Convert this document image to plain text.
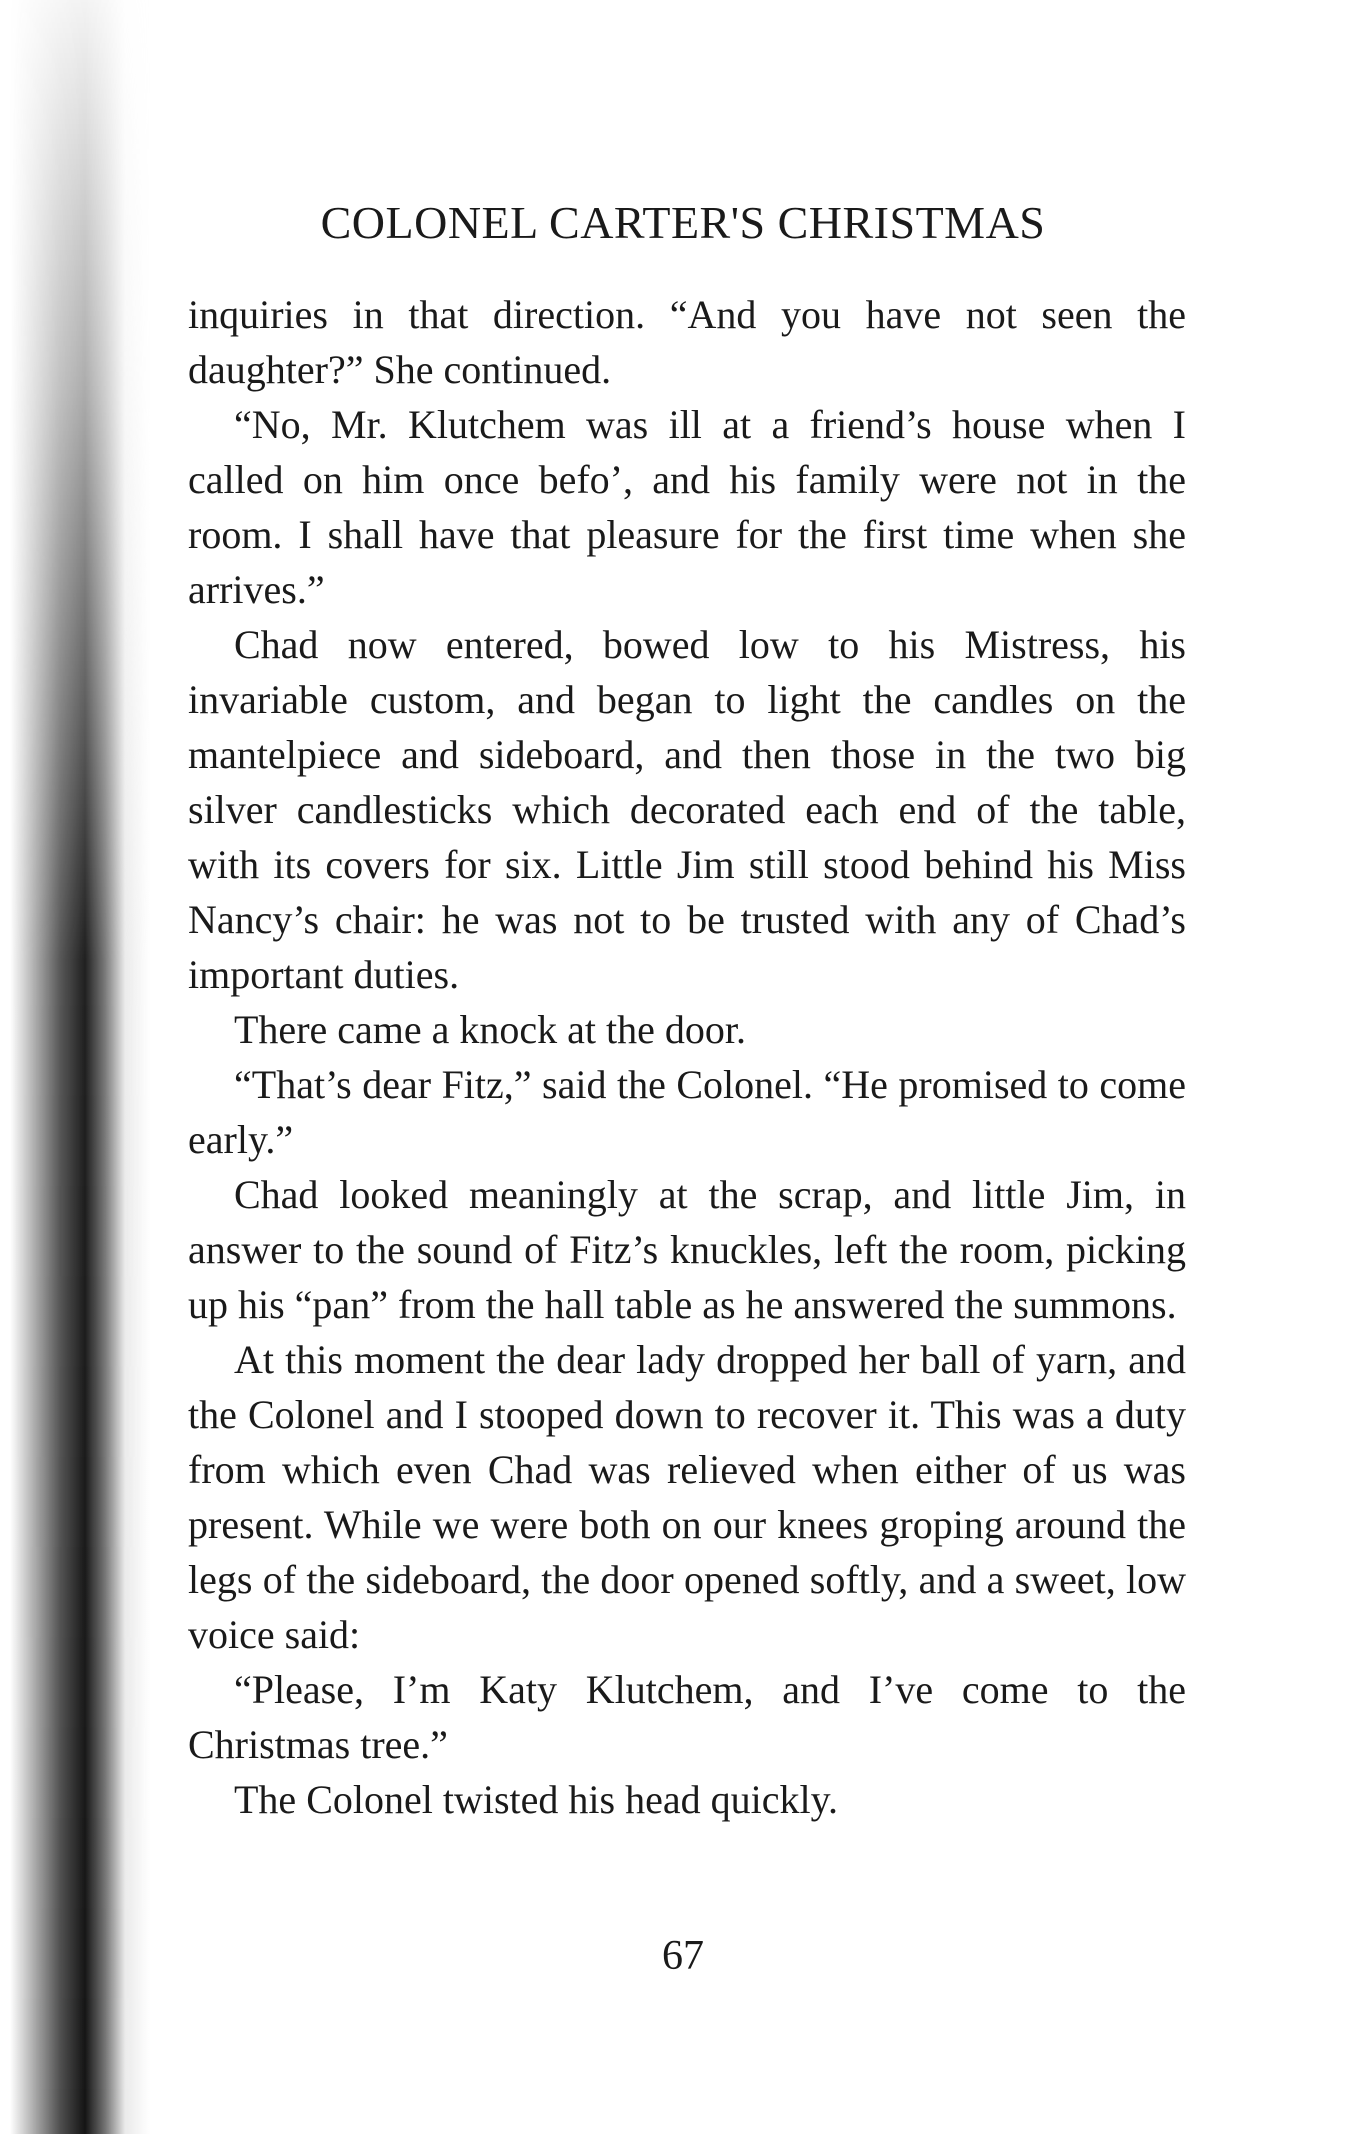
COLONEL CARTER'S CHRISTMAS

inquiries in that direction. “And you have not seen the daughter?” She continued.

“No, Mr. Klutchem was ill at a friend’s house when I called on him once befo’, and his family were not in the room. I shall have that pleasure for the first time when she arrives.”

Chad now entered, bowed low to his Mistress, his invariable custom, and began to light the candles on the mantelpiece and sideboard, and then those in the two big silver candlesticks which decorated each end of the table, with its covers for six. Little Jim still stood behind his Miss Nancy’s chair: he was not to be trusted with any of Chad’s important duties.

There came a knock at the door.

“That’s dear Fitz,” said the Colonel. “He promised to come early.”

Chad looked meaningly at the scrap, and little Jim, in answer to the sound of Fitz’s knuckles, left the room, picking up his “pan” from the hall table as he answered the summons.

At this moment the dear lady dropped her ball of yarn, and the Colonel and I stooped down to recover it. This was a duty from which even Chad was relieved when either of us was present. While we were both on our knees groping around the legs of the sideboard, the door opened softly, and a sweet, low voice said:

“Please, I’m Katy Klutchem, and I’ve come to the Christmas tree.”

The Colonel twisted his head quickly.

67
